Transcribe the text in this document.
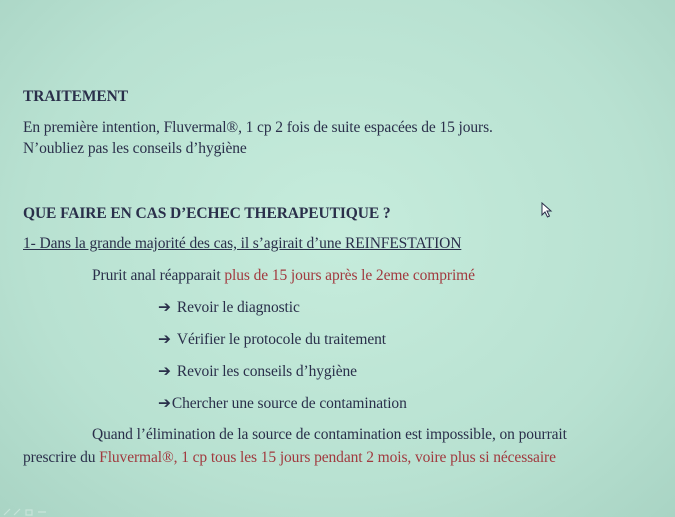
TRAITEMENT
En première intention, Fluvermal®, 1 cp 2 fois de suite espacées de 15 jours.
N’oubliez pas les conseils d’hygiène
QUE FAIRE EN CAS D’ECHEC THERAPEUTIQUE ?
1- Dans la grande majorité des cas, il s’agirait d’une REINFESTATION
Prurit anal réapparait plus de 15 jours après le 2eme comprimé
➔ Revoir le diagnostic
➔ Vérifier le protocole du traitement
➔ Revoir les conseils d’hygiène
➔Chercher une source de contamination
Quand l’élimination de la source de contamination est impossible, on pourrait
prescrire du Fluvermal®, 1 cp tous les 15 jours pendant 2 mois, voire plus si nécessaire
